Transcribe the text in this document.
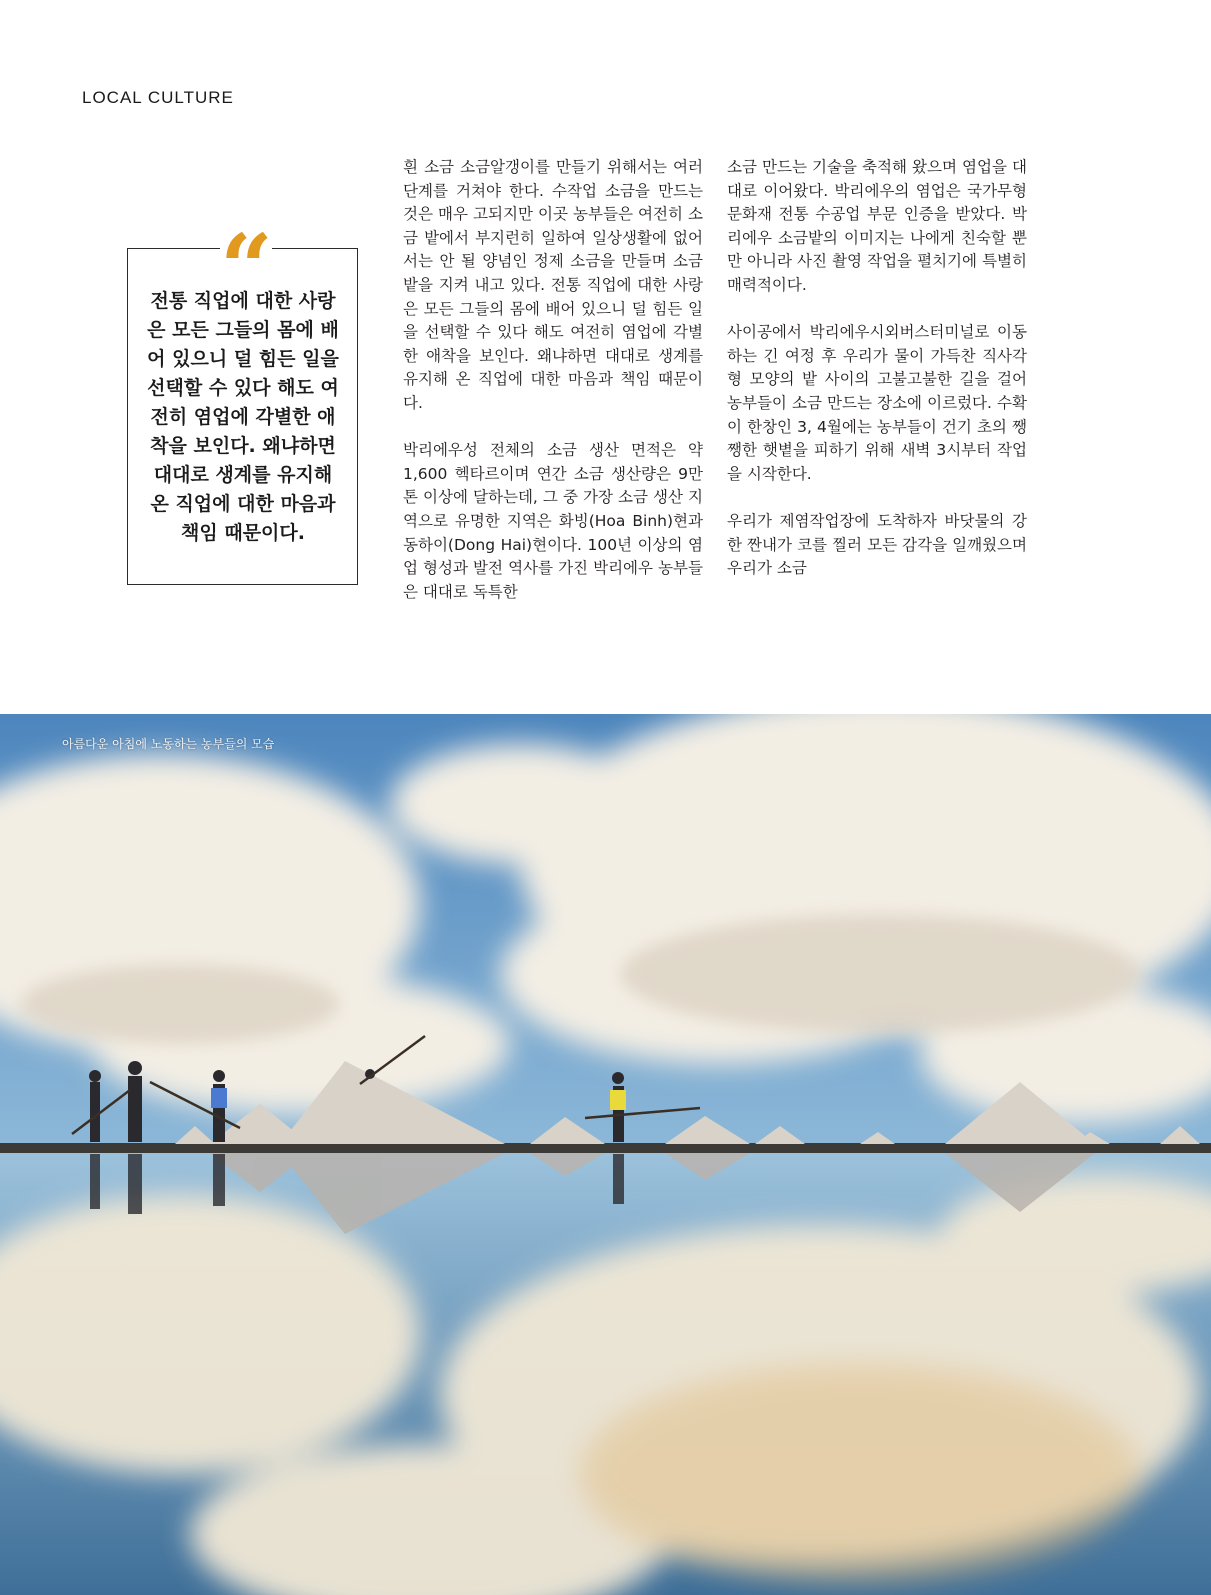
LOCAL CULTURE
“

전통 직업에 대한 사랑은 모든 그들의 몸에 배어 있으니 덜 힘든 일을 선택할 수 있다 해도 여전히 염업에 각별한 애착을 보인다. 왜냐하면 대대로 생계를 유지해 온 직업에 대한 마음과 책임 때문이다.

흰 소금 소금알갱이를 만들기 위해서는 여러 단계를 거쳐야 한다. 수작업 소금을 만드는 것은 매우 고되지만 이곳 농부들은 여전히 소금 밭에서 부지런히 일하여 일상생활에 없어서는 안 될 양념인 정제 소금을 만들며 소금밭을 지켜 내고 있다. 전통 직업에 대한 사랑은 모든 그들의 몸에 배어 있으니 덜 힘든 일을 선택할 수 있다 해도 여전히 염업에 각별한 애착을 보인다. 왜냐하면 대대로 생계를 유지해 온 직업에 대한 마음과 책임 때문이다.

박리에우성 전체의 소금 생산 면적은 약 1,600 헥타르이며 연간 소금 생산량은 9만 톤 이상에 달하는데, 그 중 가장 소금 생산 지역으로 유명한 지역은 화빙(Hoa Binh)현과 동하이(Dong Hai)현이다. 100년 이상의 염업 형성과 발전 역사를 가진 박리에우 농부들은 대대로 독특한

소금 만드는 기술을 축적해 왔으며 염업을 대대로 이어왔다. 박리에우의 염업은 국가무형문화재 전통 수공업 부문 인증을 받았다. 박리에우 소금밭의 이미지는 나에게 친숙할 뿐만 아니라 사진 촬영 작업을 펼치기에 특별히 매력적이다.

사이공에서 박리에우시외버스터미널로 이동하는 긴 여정 후 우리가 물이 가득찬 직사각형 모양의 밭 사이의 고불고불한 길을 걸어 농부들이 소금 만드는 장소에 이르렀다. 수확이 한창인 3, 4월에는 농부들이 건기 초의 쨍쨍한 햇볕을 피하기 위해 새벽 3시부터 작업을 시작한다.

우리가 제염작업장에 도착하자 바닷물의 강한 짠내가 코를 찔러 모든 감각을 일깨웠으며 우리가 소금

아름다운 아침에 노동하는 농부들의 모습
